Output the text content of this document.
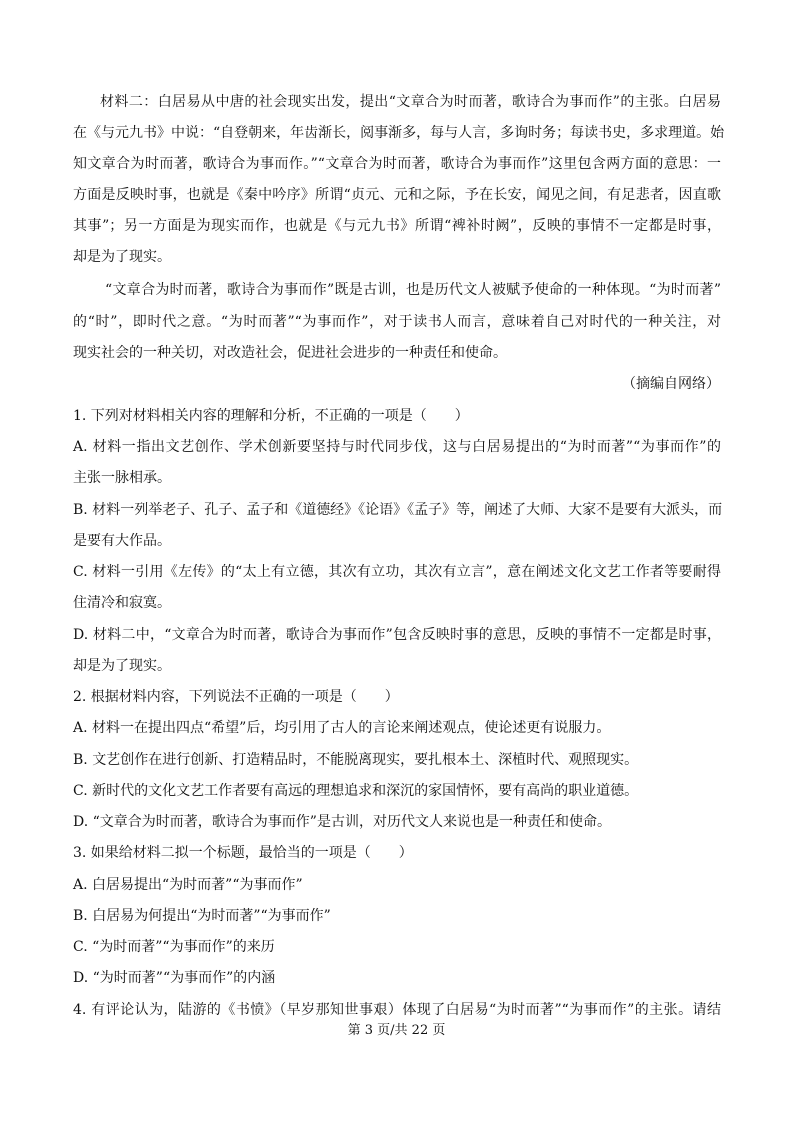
材料二：白居易从中唐的社会现实出发，提出“文章合为时而著，歌诗合为事而作”的主张。白居易
在《与元九书》中说：“自登朝来，年齿渐长，阅事渐多，每与人言，多询时务；每读书史，多求理道。始
知文章合为时而著，歌诗合为事而作。”“文章合为时而著，歌诗合为事而作”这里包含两方面的意思：一
方面是反映时事，也就是《秦中吟序》所谓“贞元、元和之际，予在长安，闻见之间，有足悲者，因直歌
其事”；另一方面是为现实而作，也就是《与元九书》所谓“裨补时阙”，反映的事情不一定都是时事，
却是为了现实。
“文章合为时而著，歌诗合为事而作”既是古训，也是历代文人被赋予使命的一种体现。“为时而著”
的“时”，即时代之意。“为时而著”“为事而作”，对于读书人而言，意味着自己对时代的一种关注，对
现实社会的一种关切，对改造社会，促进社会进步的一种责任和使命。
（摘编自网络）
1. 下列对材料相关内容的理解和分析，不正确的一项是（　　）
A. 材料一指出文艺创作、学术创新要坚持与时代同步伐，这与白居易提出的“为时而著”“为事而作”的
主张一脉相承。
B. 材料一列举老子、孔子、孟子和《道德经》《论语》《孟子》等，阐述了大师、大家不是要有大派头，而
是要有大作品。
C. 材料一引用《左传》的“太上有立德，其次有立功，其次有立言”，意在阐述文化文艺工作者等要耐得
住清冷和寂寞。
D. 材料二中，“文章合为时而著，歌诗合为事而作”包含反映时事的意思，反映的事情不一定都是时事，
却是为了现实。
2. 根据材料内容，下列说法不正确的一项是（　　）
A. 材料一在提出四点“希望”后，均引用了古人的言论来阐述观点，使论述更有说服力。
B. 文艺创作在进行创新、打造精品时，不能脱离现实，要扎根本土、深植时代、观照现实。
C. 新时代的文化文艺工作者要有高远的理想追求和深沉的家国情怀，要有高尚的职业道德。
D. “文章合为时而著，歌诗合为事而作”是古训，对历代文人来说也是一种责任和使命。
3. 如果给材料二拟一个标题，最恰当的一项是（　　）
A. 白居易提出“为时而著”“为事而作”
B. 白居易为何提出“为时而著”“为事而作”
C. “为时而著”“为事而作”的来历
D. “为时而著”“为事而作”的内涵
4. 有评论认为，陆游的《书愤》（早岁那知世事艰）体现了白居易“为时而著”“为事而作”的主张。请结
第 3 页/共 22 页
